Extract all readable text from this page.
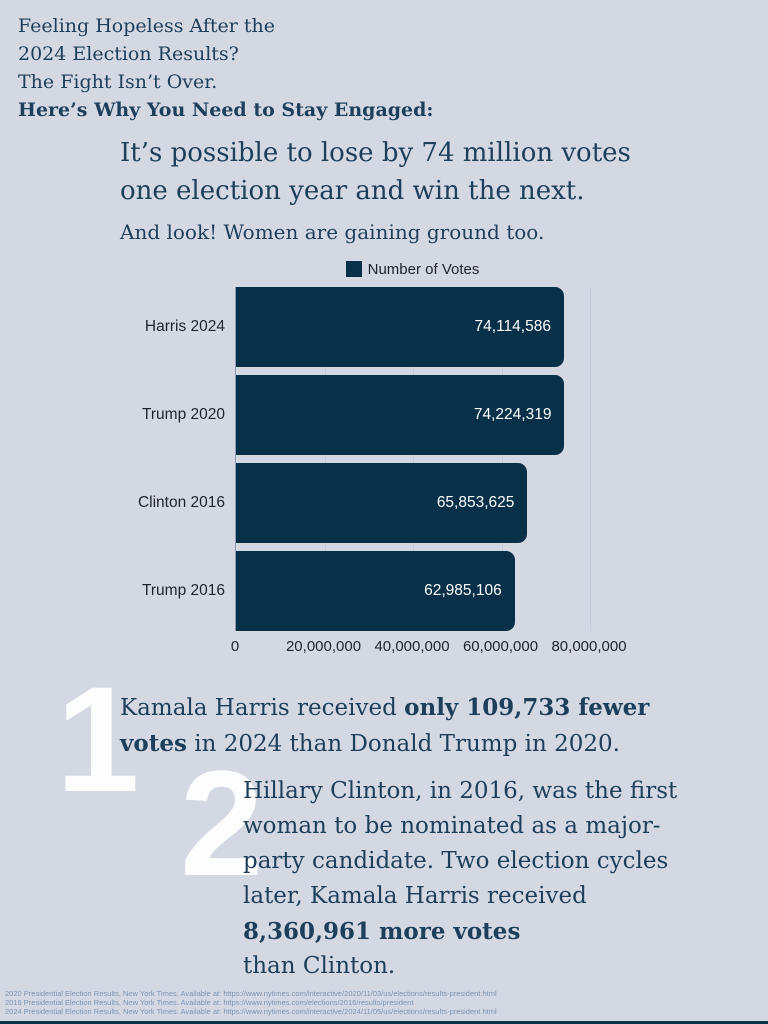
Feeling Hopeless After the
2024 Election Results?
The Fight Isn’t Over.
Here’s Why You Need to Stay Engaged:
It’s possible to lose by 74 million votes
one election year and win the next.
And look! Women are gaining ground too.
Number of Votes
Harris 2024
Trump 2020
Clinton 2016
Trump 2016
74,114,586
74,224,319
65,853,625
62,985,106
0	20,000,000 40,000,000 60,000,000 80,000,000
1
Kamala Harris received only 109,733 fewer
votes in 2024 than Donald Trump in 2020.
2
Hillary Clinton, in 2016, was the first
woman to be nominated as a major-
party candidate. Two election cycles
later, Kamala Harris received
8,360,961 more votes
than Clinton.
2020 Presidential Election Results, New York Times. Available at: https://www.nytimes.com/interactive/2020/11/03/us/elections/results-president.html
2016 Presidential Election Results, New York Times. Available at: https://www.nytimes.com/elections/2016/results/president
2024 Presidential Election Results, New York Times. Available at: https://www.nytimes.com/interactive/2024/11/05/us/elections/results-president.html
